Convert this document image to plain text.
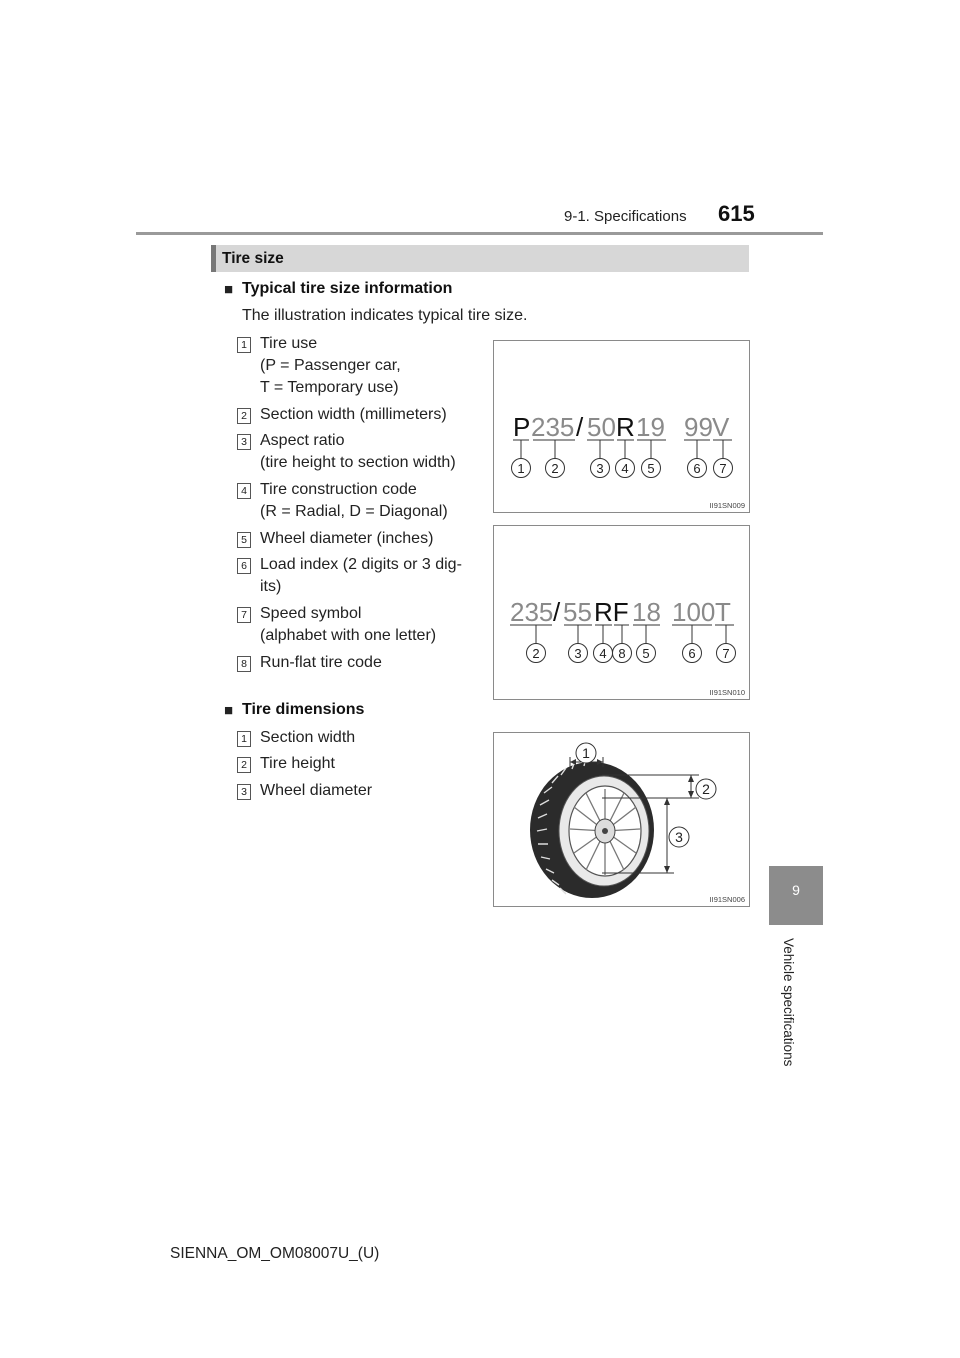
9-1. Specifications 615
9
Vehicle specifications
Tire size
■ Typical tire size information
The illustration indicates typical tire size.
1 Tire use
(P = Passenger car,
T = Temporary use)
2 Section width (millimeters)
3 Aspect ratio
(tire height to section width)
4 Tire construction code
(R = Radial, D = Diagonal)
5 Wheel diameter (inches)
6 Load index (2 digits or 3 dig-
its)
7 Speed symbol
(alphabet with one letter)
8 Run-flat tire code
■ Tire dimensions
1 Section width
2 Tire height
3 Wheel diameter
P 235 / 50 R 19 99 V
1 2	3 4 5	6 7
II91SN009
235 / 55 RF 18 100 T
2	3 4 8 5	6 7
II91SN010
1
2
3
II91SN006
SIENNA_OM_OM08007U_(U)
